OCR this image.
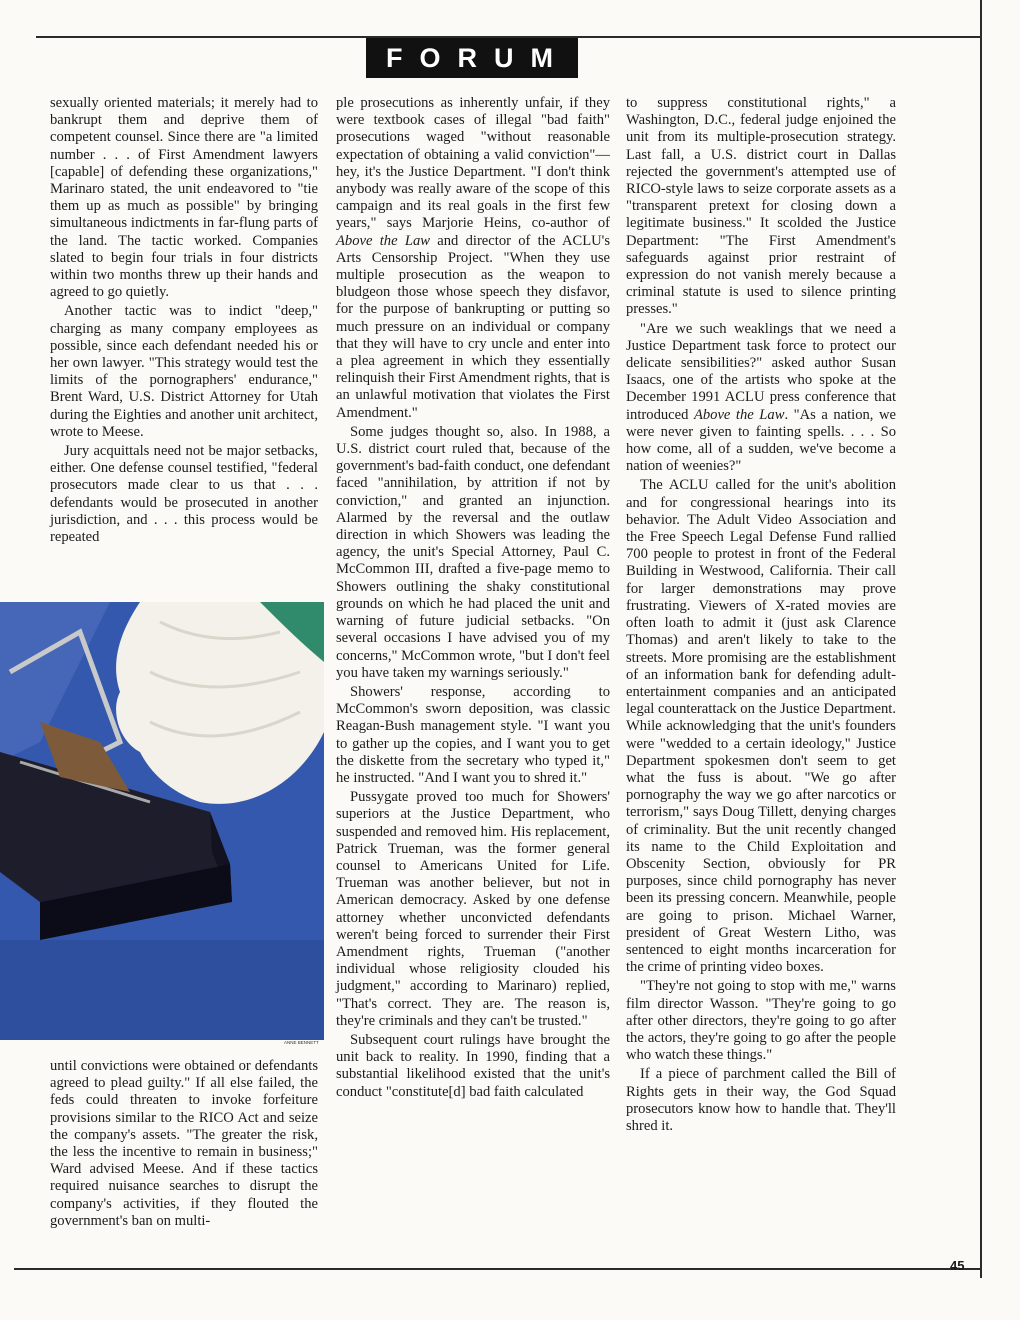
FORUM

sexually oriented materials; it merely had to bankrupt them and deprive them of competent counsel. Since there are "a limited number . . . of First Amendment lawyers [capable] of defending these organizations," Marinaro stated, the unit endeavored to "tie them up as much as possible" by bringing simultaneous indictments in far-flung parts of the land. The tactic worked. Companies slated to begin four trials in four districts within two months threw up their hands and agreed to go quietly.

Another tactic was to indict "deep," charging as many company employees as possible, since each defendant needed his or her own lawyer. "This strategy would test the limits of the pornographers' endurance," Brent Ward, U.S. District Attorney for Utah during the Eighties and another unit architect, wrote to Meese.

Jury acquittals need not be major setbacks, either. One defense counsel testified, "federal prosecutors made clear to us that . . . defendants would be prosecuted in another jurisdiction, and . . . this process would be repeated

ANNE BENNETT

until convictions were obtained or defendants agreed to plead guilty." If all else failed, the feds could threaten to invoke forfeiture provisions similar to the RICO Act and seize the company's assets. "The greater the risk, the less the incentive to remain in business;" Ward advised Meese. And if these tactics required nuisance searches to disrupt the company's activities, if they flouted the government's ban on multi-

ple prosecutions as inherently unfair, if they were textbook cases of illegal "bad faith" prosecutions waged "without reasonable expectation of obtaining a valid conviction"—hey, it's the Justice Department. "I don't think anybody was really aware of the scope of this campaign and its real goals in the first few years," says Marjorie Heins, co-author of Above the Law and director of the ACLU's Arts Censorship Project. "When they use multiple prosecution as the weapon to bludgeon those whose speech they disfavor, for the purpose of bankrupting or putting so much pressure on an individual or company that they will have to cry uncle and enter into a plea agreement in which they essentially relinquish their First Amendment rights, that is an unlawful motivation that violates the First Amendment."

Some judges thought so, also. In 1988, a U.S. district court ruled that, because of the government's bad-faith conduct, one defendant faced "annihilation, by attrition if not by conviction," and granted an injunction. Alarmed by the reversal and the outlaw direction in which Showers was leading the agency, the unit's Special Attorney, Paul C. McCommon III, drafted a five-page memo to Showers outlining the shaky constitutional grounds on which he had placed the unit and warning of future judicial setbacks. "On several occasions I have advised you of my concerns," McCommon wrote, "but I don't feel you have taken my warnings seriously."

Showers' response, according to McCommon's sworn deposition, was classic Reagan-Bush management style. "I want you to gather up the copies, and I want you to get the diskette from the secretary who typed it," he instructed. "And I want you to shred it."

Pussygate proved too much for Showers' superiors at the Justice Department, who suspended and removed him. His replacement, Patrick Trueman, was the former general counsel to Americans United for Life. Trueman was another believer, but not in American democracy. Asked by one defense attorney whether unconvicted defendants weren't being forced to surrender their First Amendment rights, Trueman ("another individual whose religiosity clouded his judgment," according to Marinaro) replied, "That's correct. They are. The reason is, they're criminals and they can't be trusted."

Subsequent court rulings have brought the unit back to reality. In 1990, finding that a substantial likelihood existed that the unit's conduct "constitute[d] bad faith calculated

to suppress constitutional rights," a Washington, D.C., federal judge enjoined the unit from its multiple-prosecution strategy. Last fall, a U.S. district court in Dallas rejected the government's attempted use of RICO-style laws to seize corporate assets as a "transparent pretext for closing down a legitimate business." It scolded the Justice Department: "The First Amendment's safeguards against prior restraint of expression do not vanish merely because a criminal statute is used to silence printing presses."

"Are we such weaklings that we need a Justice Department task force to protect our delicate sensibilities?" asked author Susan Isaacs, one of the artists who spoke at the December 1991 ACLU press conference that introduced Above the Law. "As a nation, we were never given to fainting spells. . . . So how come, all of a sudden, we've become a nation of weenies?"

The ACLU called for the unit's abolition and for congressional hearings into its behavior. The Adult Video Association and the Free Speech Legal Defense Fund rallied 700 people to protest in front of the Federal Building in Westwood, California. Their call for larger demonstrations may prove frustrating. Viewers of X-rated movies are often loath to admit it (just ask Clarence Thomas) and aren't likely to take to the streets. More promising are the establishment of an information bank for defending adult-entertainment companies and an anticipated legal counterattack on the Justice Department. While acknowledging that the unit's founders were "wedded to a certain ideology," Justice Department spokesmen don't seem to get what the fuss is about. "We go after pornography the way we go after narcotics or terrorism," says Doug Tillett, denying charges of criminality. But the unit recently changed its name to the Child Exploitation and Obscenity Section, obviously for PR purposes, since child pornography has never been its pressing concern. Meanwhile, people are going to prison. Michael Warner, president of Great Western Litho, was sentenced to eight months incarceration for the crime of printing video boxes.

"They're not going to stop with me," warns film director Wasson. "They're going to go after other directors, they're going to go after the actors, they're going to go after the people who watch these things."

If a piece of parchment called the Bill of Rights gets in their way, the God Squad prosecutors know how to handle that. They'll shred it.

45
